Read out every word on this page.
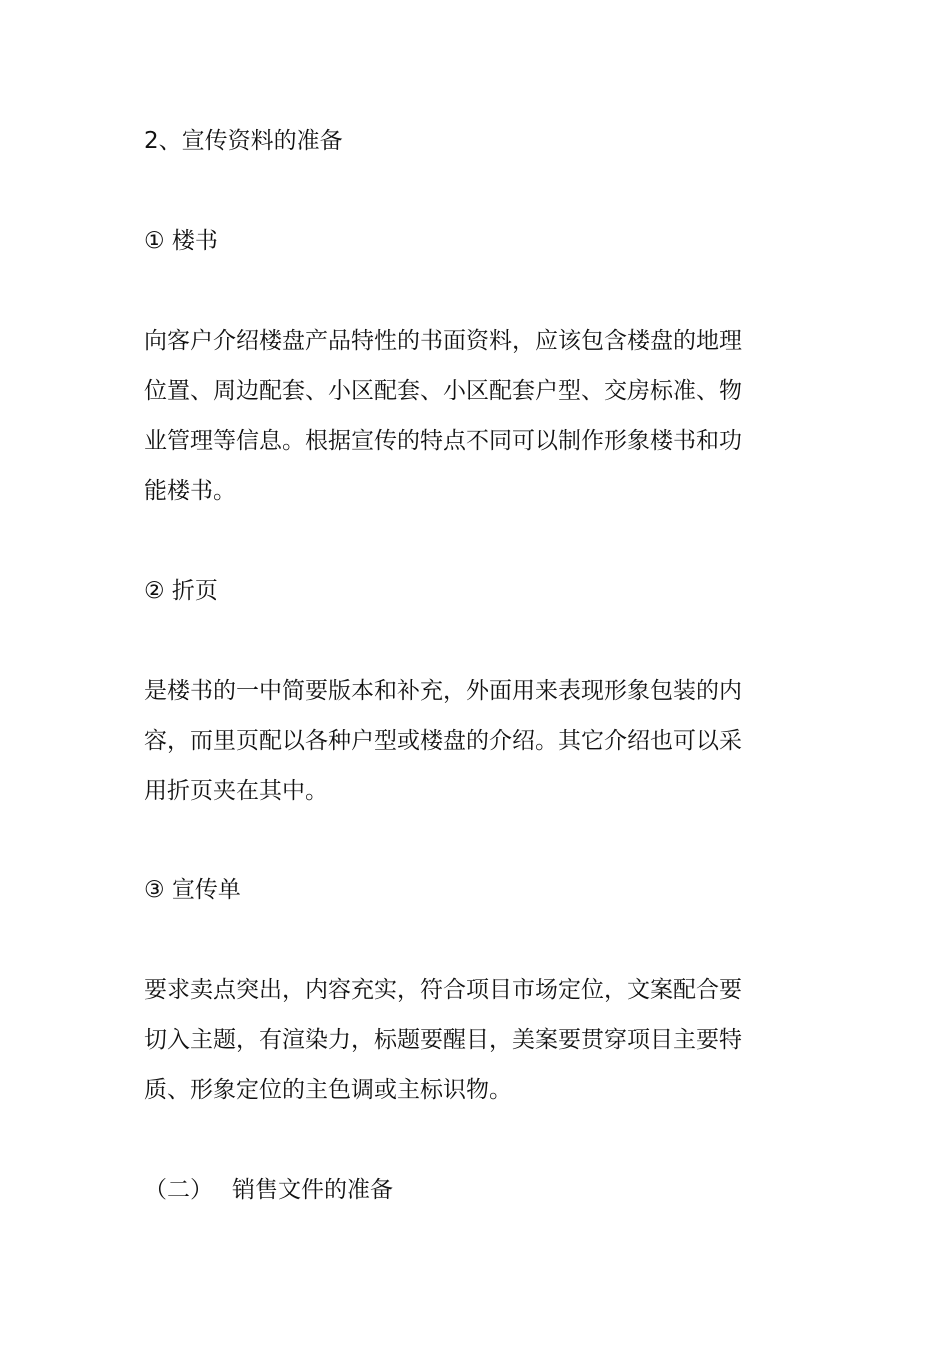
2、宣传资料的准备

① 楼书

向客户介绍楼盘产品特性的书面资料，应该包含楼盘的地理
位置、周边配套、小区配套、小区配套户型、交房标准、物
业管理等信息。根据宣传的特点不同可以制作形象楼书和功
能楼书。

② 折页

是楼书的一中简要版本和补充，外面用来表现形象包装的内
容，而里页配以各种户型或楼盘的介绍。其它介绍也可以采
用折页夹在其中。

③ 宣传单

要求卖点突出，内容充实，符合项目市场定位，文案配合要
切入主题，有渲染力，标题要醒目，美案要贯穿项目主要特
质、形象定位的主色调或主标识物。

（二） 销售文件的准备
